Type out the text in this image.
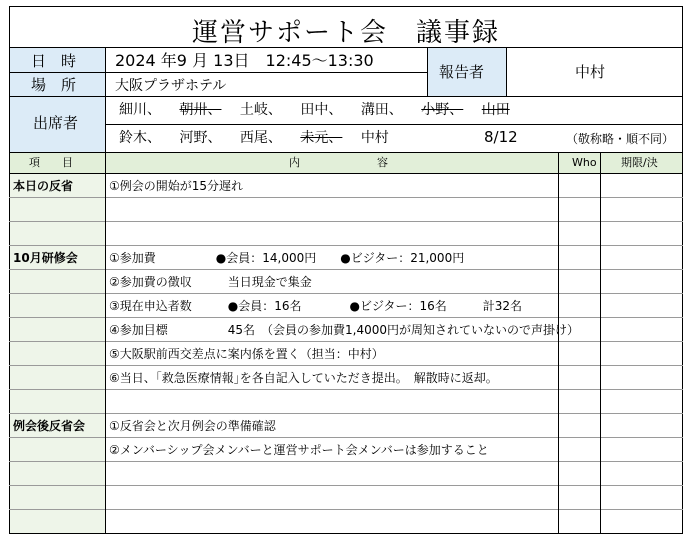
運営サポート会　議事録
日　時 2024 年9 月 13日　12:45～13:30
場　所	大阪プラザホテル
報告者	中村
出席者
細川、 朝卅、 土岐、 田中、 溝田、 小野、 山田
鈴木、 河野、 西尾、 未元、 中村	8/12	（敬称略・順不同）
項　　目	内　　　　　　　容	Who 期限/決
本日の反省	①例会の開始が15分遅れ
10月研修会	①参加費　　　　　●会員：14,000円　　●ビジター：21,000円
②参加費の徴収　　　当日現金で集金
③現在申込者数　　　●会員：16名　　　　●ビジター：16名　　　計32名
④参加目標　　　　　45名　（会員の参加費1,4000円が周知されていないので声掛け）
⑤大阪駅前西交差点に案内係を置く（担当：中村）
⑥当日、｢救急医療情報｣を各自記入していただき提出。　解散時に返却。
例会後反省会 ①反省会と次月例会の準備確認
②メンバーシップ会メンバーと運営サポート会メンバーは参加すること
